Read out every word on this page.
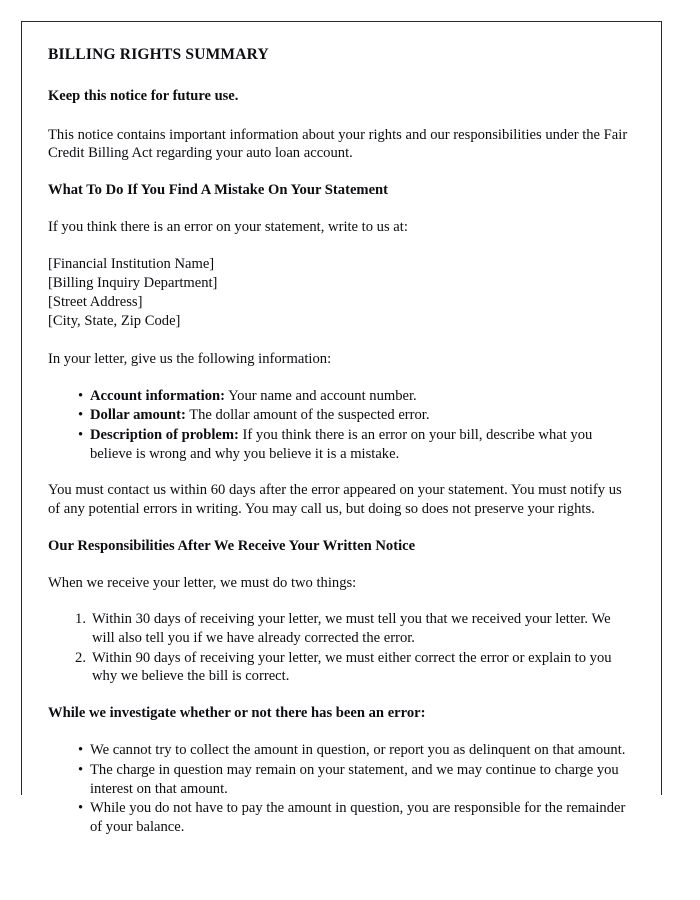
BILLING RIGHTS SUMMARY

Keep this notice for future use.

This notice contains important information about your rights and our responsibilities under the Fair Credit Billing Act regarding your auto loan account.

What To Do If You Find A Mistake On Your Statement

If you think there is an error on your statement, write to us at:

[Financial Institution Name]
[Billing Inquiry Department]
[Street Address]
[City, State, Zip Code]

In your letter, give us the following information:

• Account information: Your name and account number.
• Dollar amount: The dollar amount of the suspected error.
• Description of problem: If you think there is an error on your bill, describe what you believe is wrong and why you believe it is a mistake.

You must contact us within 60 days after the error appeared on your statement. You must notify us of any potential errors in writing. You may call us, but doing so does not preserve your rights.

Our Responsibilities After We Receive Your Written Notice

When we receive your letter, we must do two things:

Within 30 days of receiving your letter, we must tell you that we received your letter. We will also tell you if we have already corrected the error.
Within 90 days of receiving your letter, we must either correct the error or explain to you why we believe the bill is correct.
While we investigate whether or not there has been an error:
• We cannot try to collect the amount in question, or report you as delinquent on that amount.
• The charge in question may remain on your statement, and we may continue to charge you interest on that amount.
• While you do not have to pay the amount in question, you are responsible for the remainder of your balance.
